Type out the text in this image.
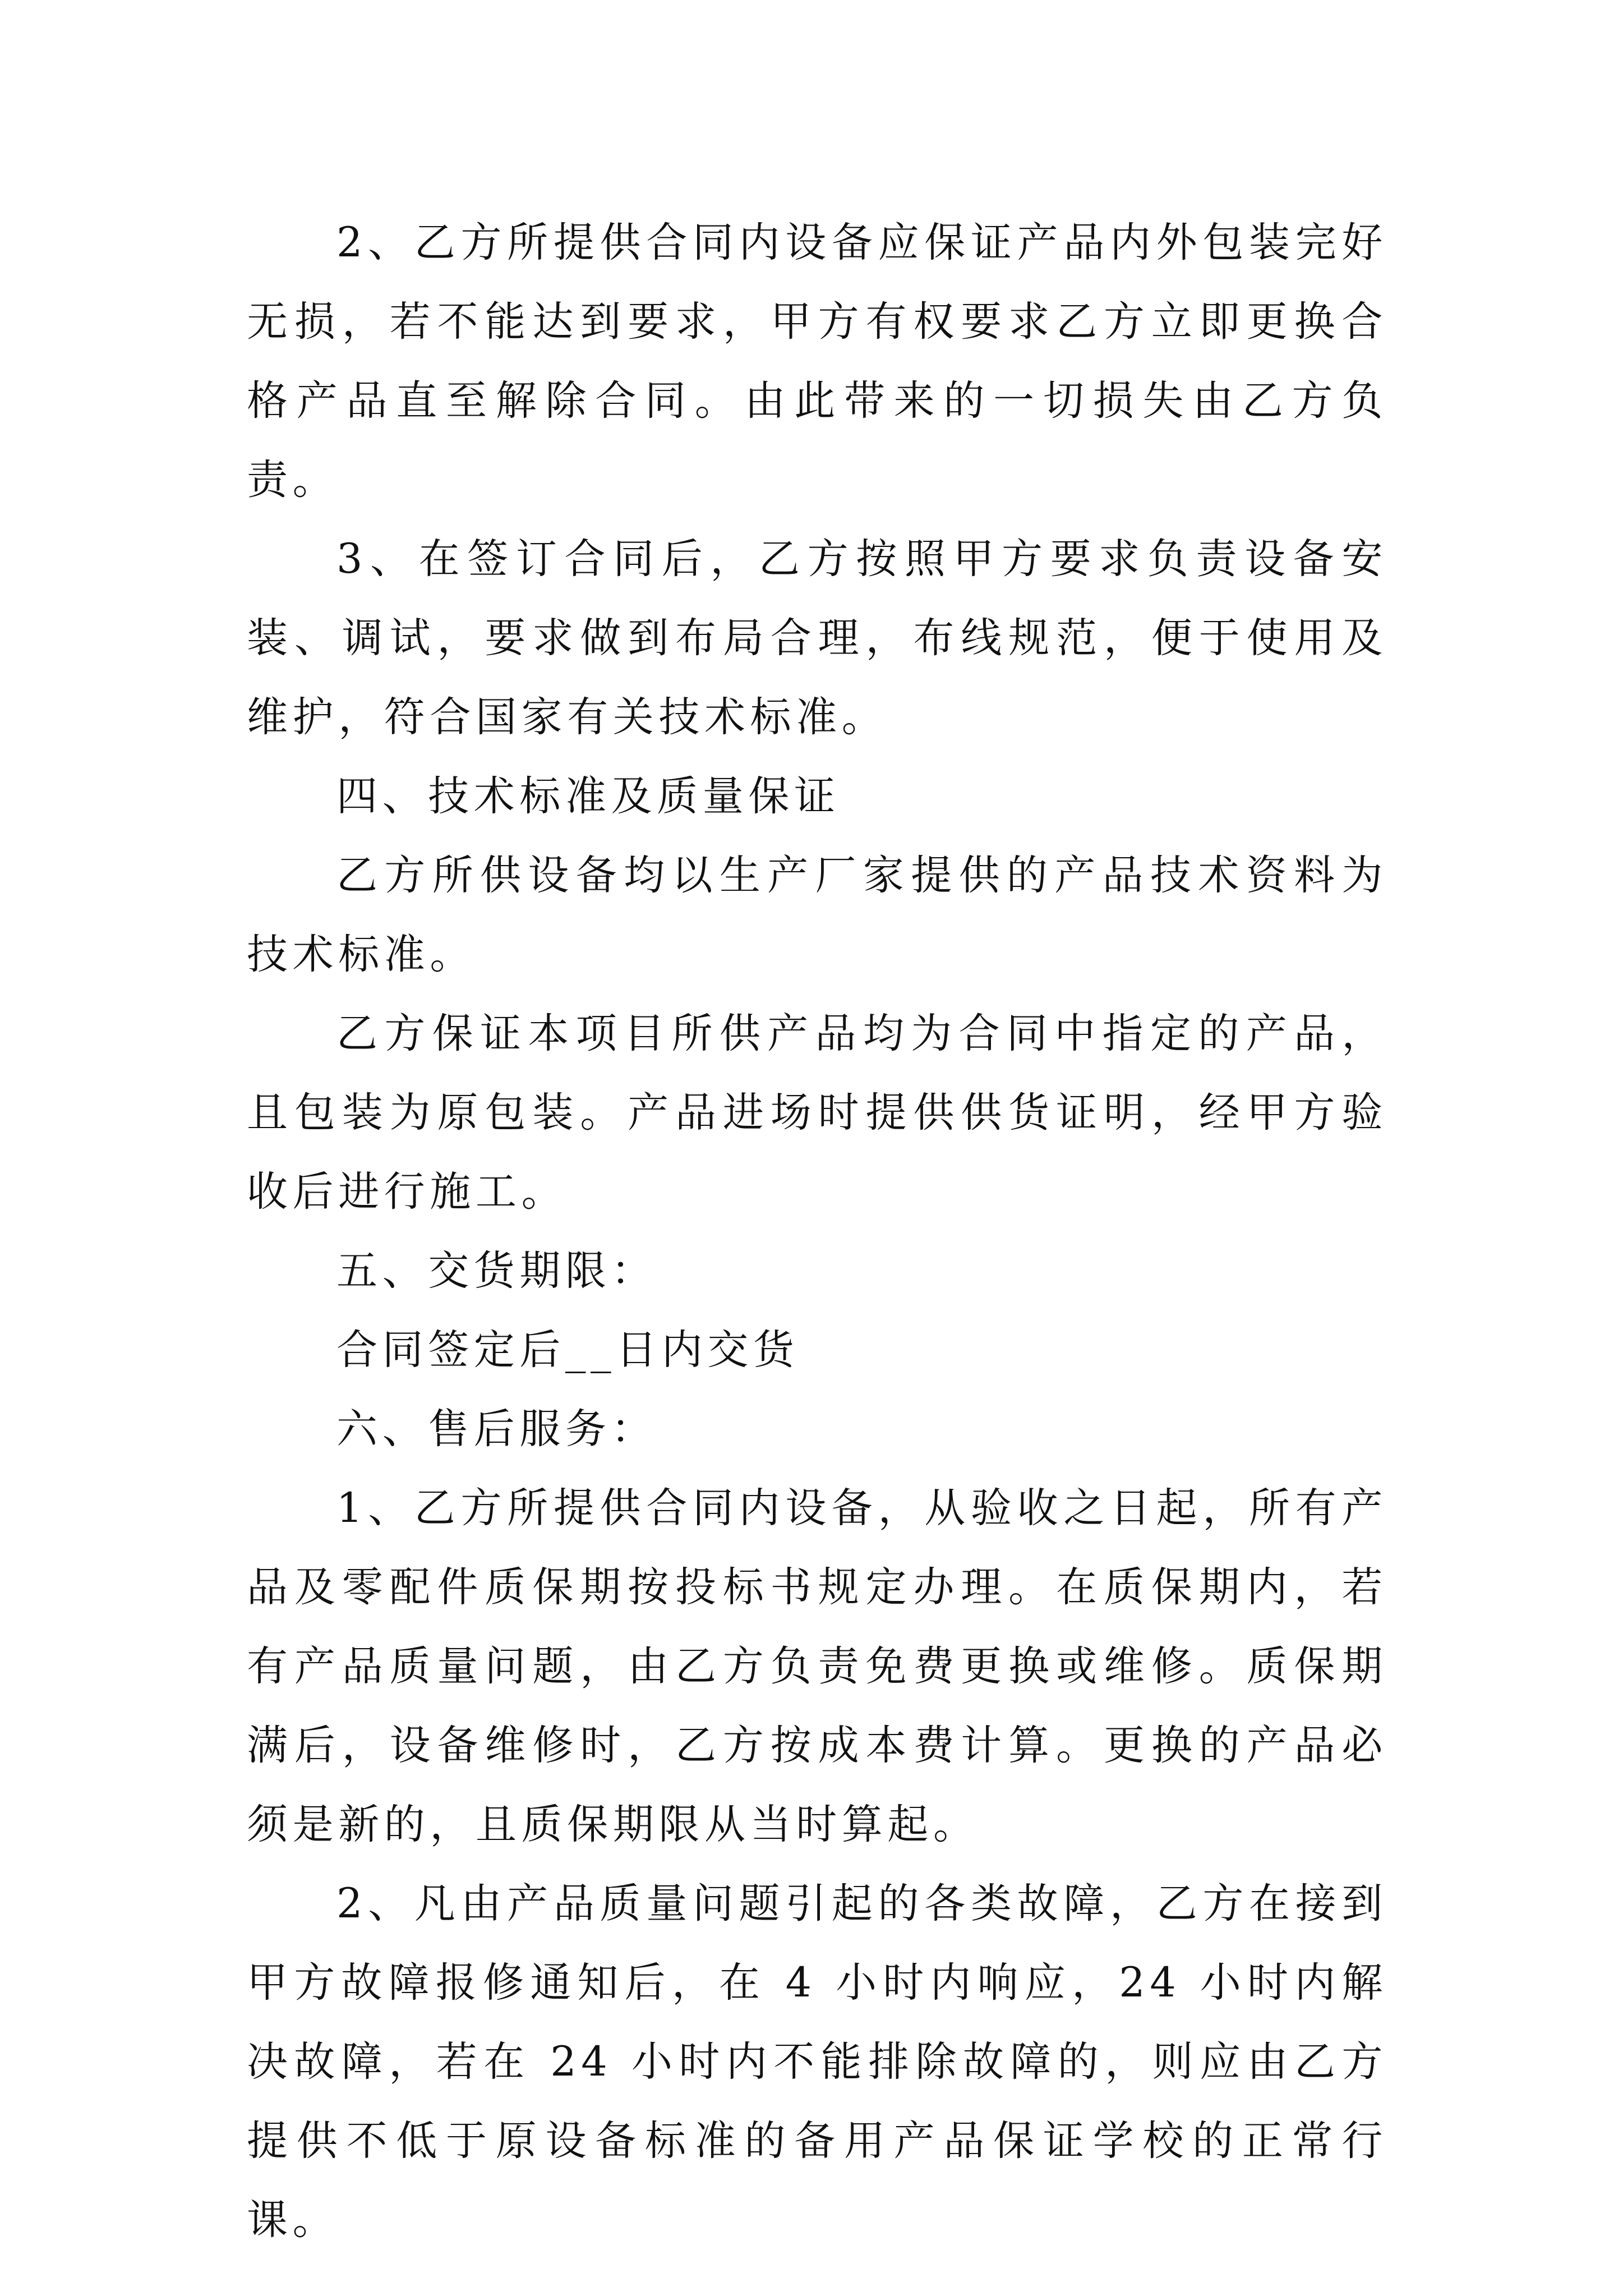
2、乙方所提供合同内设备应保证产品内外包装完好无损，若不能达到要求，甲方有权要求乙方立即更换合格产品直至解除合同。由此带来的一切损失由乙方负责。

3、在签订合同后，乙方按照甲方要求负责设备安装、调试，要求做到布局合理，布线规范，便于使用及维护，符合国家有关技术标准。

四、技术标准及质量保证

乙方所供设备均以生产厂家提供的产品技术资料为技术标准。

乙方保证本项目所供产品均为合同中指定的产品，且包装为原包装。产品进场时提供供货证明，经甲方验收后进行施工。

五、交货期限：

合同签定后__日内交货

六、售后服务：

1、乙方所提供合同内设备，从验收之日起，所有产品及零配件质保期按投标书规定办理。在质保期内，若有产品质量问题，由乙方负责免费更换或维修。质保期满后，设备维修时，乙方按成本费计算。更换的产品必须是新的，且质保期限从当时算起。

2、凡由产品质量问题引起的各类故障，乙方在接到甲方故障报修通知后，在 4 小时内响应，24 小时内解决故障，若在 24 小时内不能排除故障的，则应由乙方提供不低于原设备标准的备用产品保证学校的正常行课。
